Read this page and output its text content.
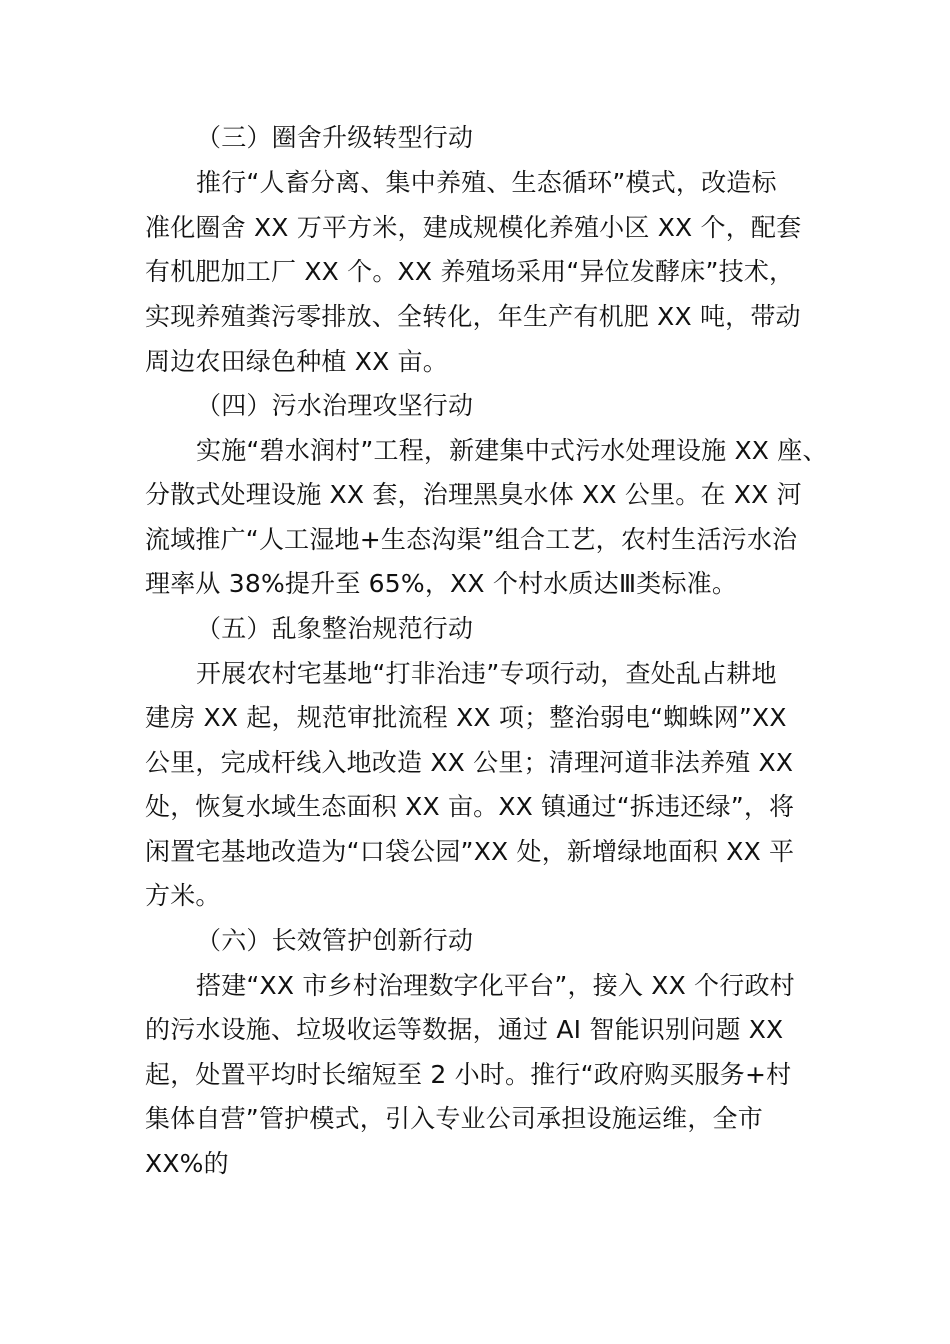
（三）圈舍升级转型行动
推行“人畜分离、集中养殖、生态循环”模式，改造标
准化圈舍 XX 万平方米，建成规模化养殖小区 XX 个，配套
有机肥加工厂 XX 个。XX 养殖场采用“异位发酵床”技术，
实现养殖粪污零排放、全转化，年生产有机肥 XX 吨，带动
周边农田绿色种植 XX 亩。
（四）污水治理攻坚行动
实施“碧水润村”工程，新建集中式污水处理设施 XX 座、
分散式处理设施 XX 套，治理黑臭水体 XX 公里。在 XX 河
流域推广“人工湿地+生态沟渠”组合工艺，农村生活污水治
理率从 38%提升至 65%，XX 个村水质达Ⅲ类标准。
（五）乱象整治规范行动
开展农村宅基地“打非治违”专项行动，查处乱占耕地
建房 XX 起，规范审批流程 XX 项；整治弱电“蜘蛛网”XX
公里，完成杆线入地改造 XX 公里；清理河道非法养殖 XX
处，恢复水域生态面积 XX 亩。XX 镇通过“拆违还绿”，将
闲置宅基地改造为“口袋公园”XX 处，新增绿地面积 XX 平
方米。
（六）长效管护创新行动
搭建“XX 市乡村治理数字化平台”，接入 XX 个行政村
的污水设施、垃圾收运等数据，通过 AI 智能识别问题 XX
起，处置平均时长缩短至 2 小时。推行“政府购买服务+村
集体自营”管护模式，引入专业公司承担设施运维，全市
XX%的
